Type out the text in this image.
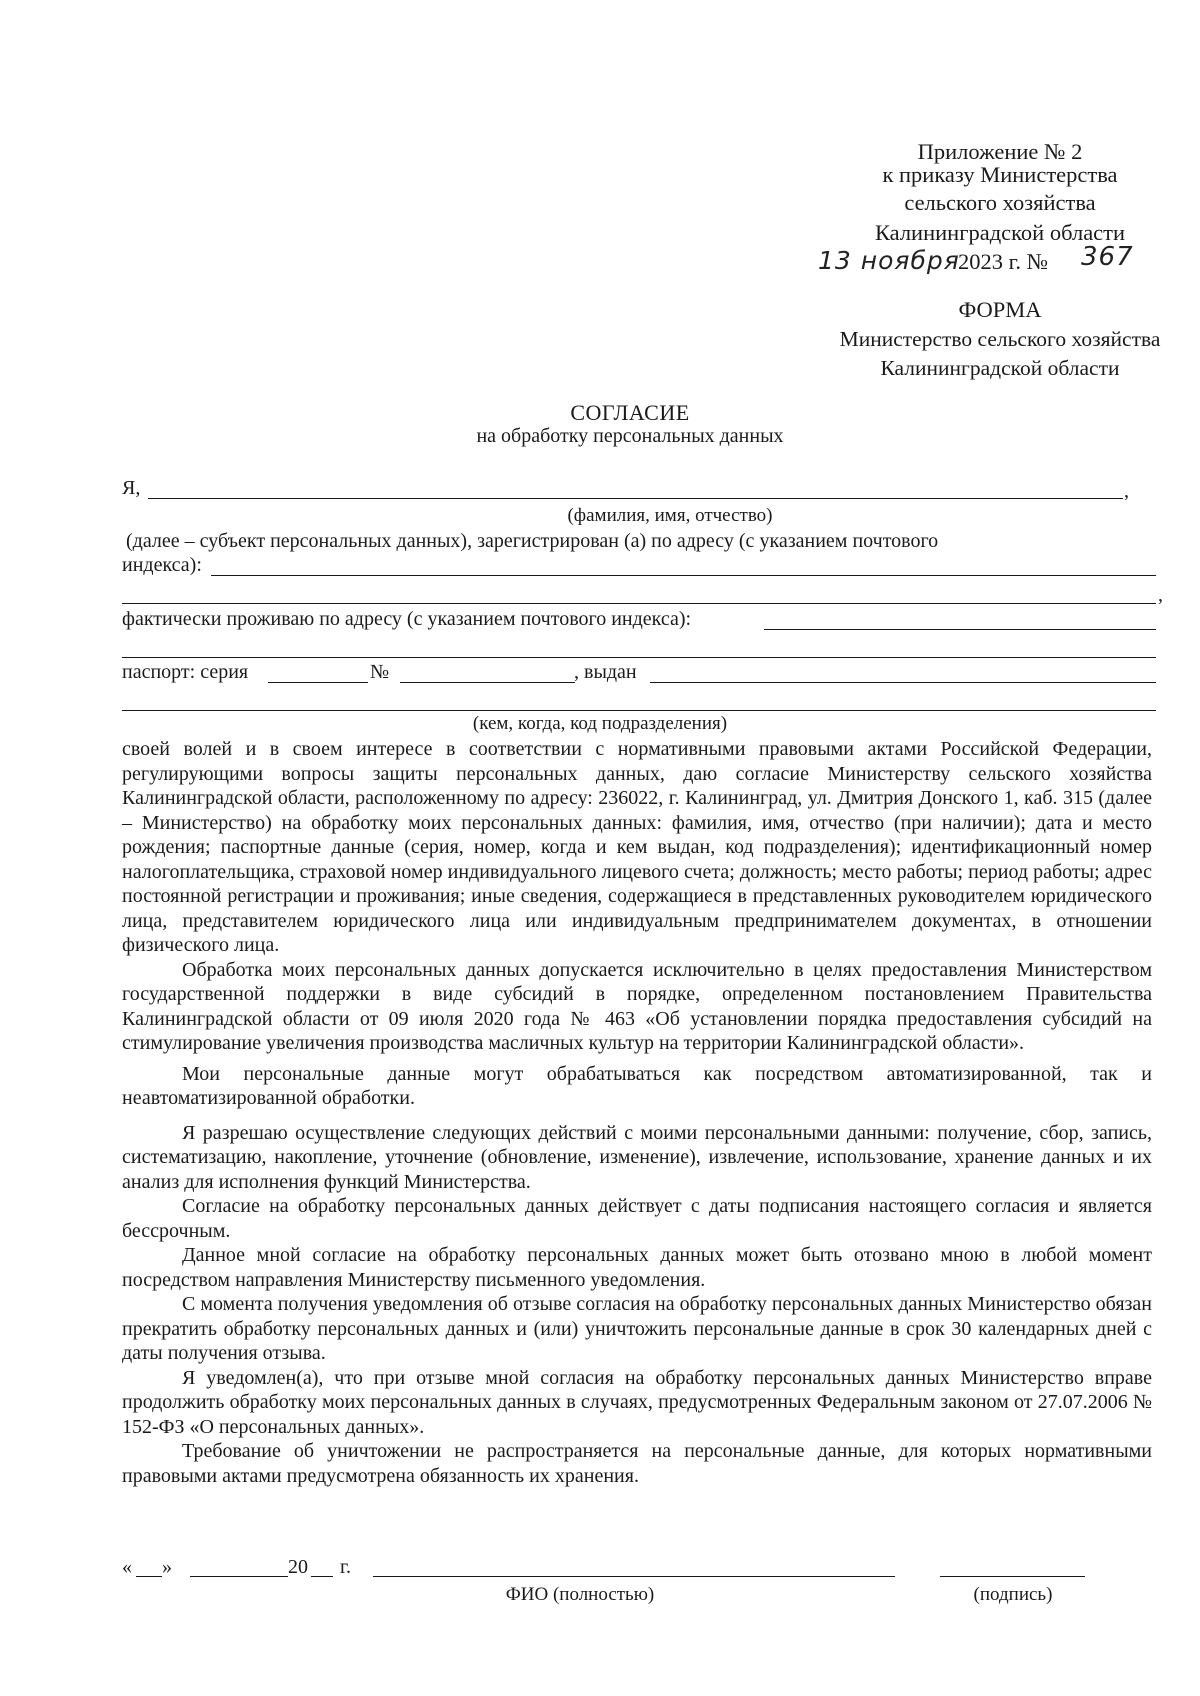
Приложение № 2
к приказу Министерства
сельского хозяйства
Калининградской области
13 ноября
2023 г. № 367
ФОРМА
Министерство сельского хозяйства
Калининградской области
СОГЛАСИЕ
на обработку персональных данных
Я,	,
(фамилия, имя, отчество)
(далее – субъект персональных данных), зарегистрирован (а) по адресу (с указанием почтового
индекса):
,
фактически проживаю по адресу (с указанием почтового индекса):
паспорт: серия	№	, выдан
(кем, когда, код подразделения)

своей волей и в своем интересе в соответствии с нормативными правовыми актами Российской Федерации, регулирующими вопросы защиты персональных данных, даю согласие Министерству сельского хозяйства Калининградской области, расположенному по адресу: 236022, г. Калининград, ул. Дмитрия Донского 1, каб. 315 (далее – Министерство) на обработку моих персональных данных: фамилия, имя, отчество (при наличии); дата и место рождения; паспортные данные (серия, номер, когда и кем выдан, код подразделения); идентификационный номер налогоплательщика, страховой номер индивидуального лицевого счета; должность; место работы; период работы; адрес постоянной регистрации и проживания; иные сведения, содержащиеся в представленных руководителем юридического лица, представителем юридического лица или индивидуальным предпринимателем документах, в отношении физического лица.

Обработка моих персональных данных допускается исключительно в целях предоставления Министерством государственной поддержки в виде субсидий в порядке, определенном постановлением Правительства Калининградской области от 09 июля 2020 года № 463 «Об установлении порядка предоставления субсидий на стимулирование увеличения производства масличных культур на территории Калининградской области».

Мои персональные данные могут обрабатываться как посредством автоматизированной, так и неавтоматизированной обработки.

Я разрешаю осуществление следующих действий с моими персональными данными: получение, сбор, запись, систематизацию, накопление, уточнение (обновление, изменение), извлечение, использование, хранение данных и их анализ для исполнения функций Министерства.

Согласие на обработку персональных данных действует с даты подписания настоящего согласия и является бессрочным.

Данное мной согласие на обработку персональных данных может быть отозвано мною в любой момент посредством направления Министерству письменного уведомления.

С момента получения уведомления об отзыве согласия на обработку персональных данных Министерство обязан прекратить обработку персональных данных и (или) уничтожить персональные данные в срок 30 календарных дней с даты получения отзыва.

Я уведомлен(а), что при отзыве мной согласия на обработку персональных данных Министерство вправе продолжить обработку моих персональных данных в случаях, предусмотренных Федеральным законом от 27.07.2006 № 152-ФЗ «О персональных данных».

Требование об уничтожении не распространяется на персональные данные, для которых нормативными правовыми актами предусмотрена обязанность их хранения.

« »	20 г.
ФИО (полностью)	(подпись)
